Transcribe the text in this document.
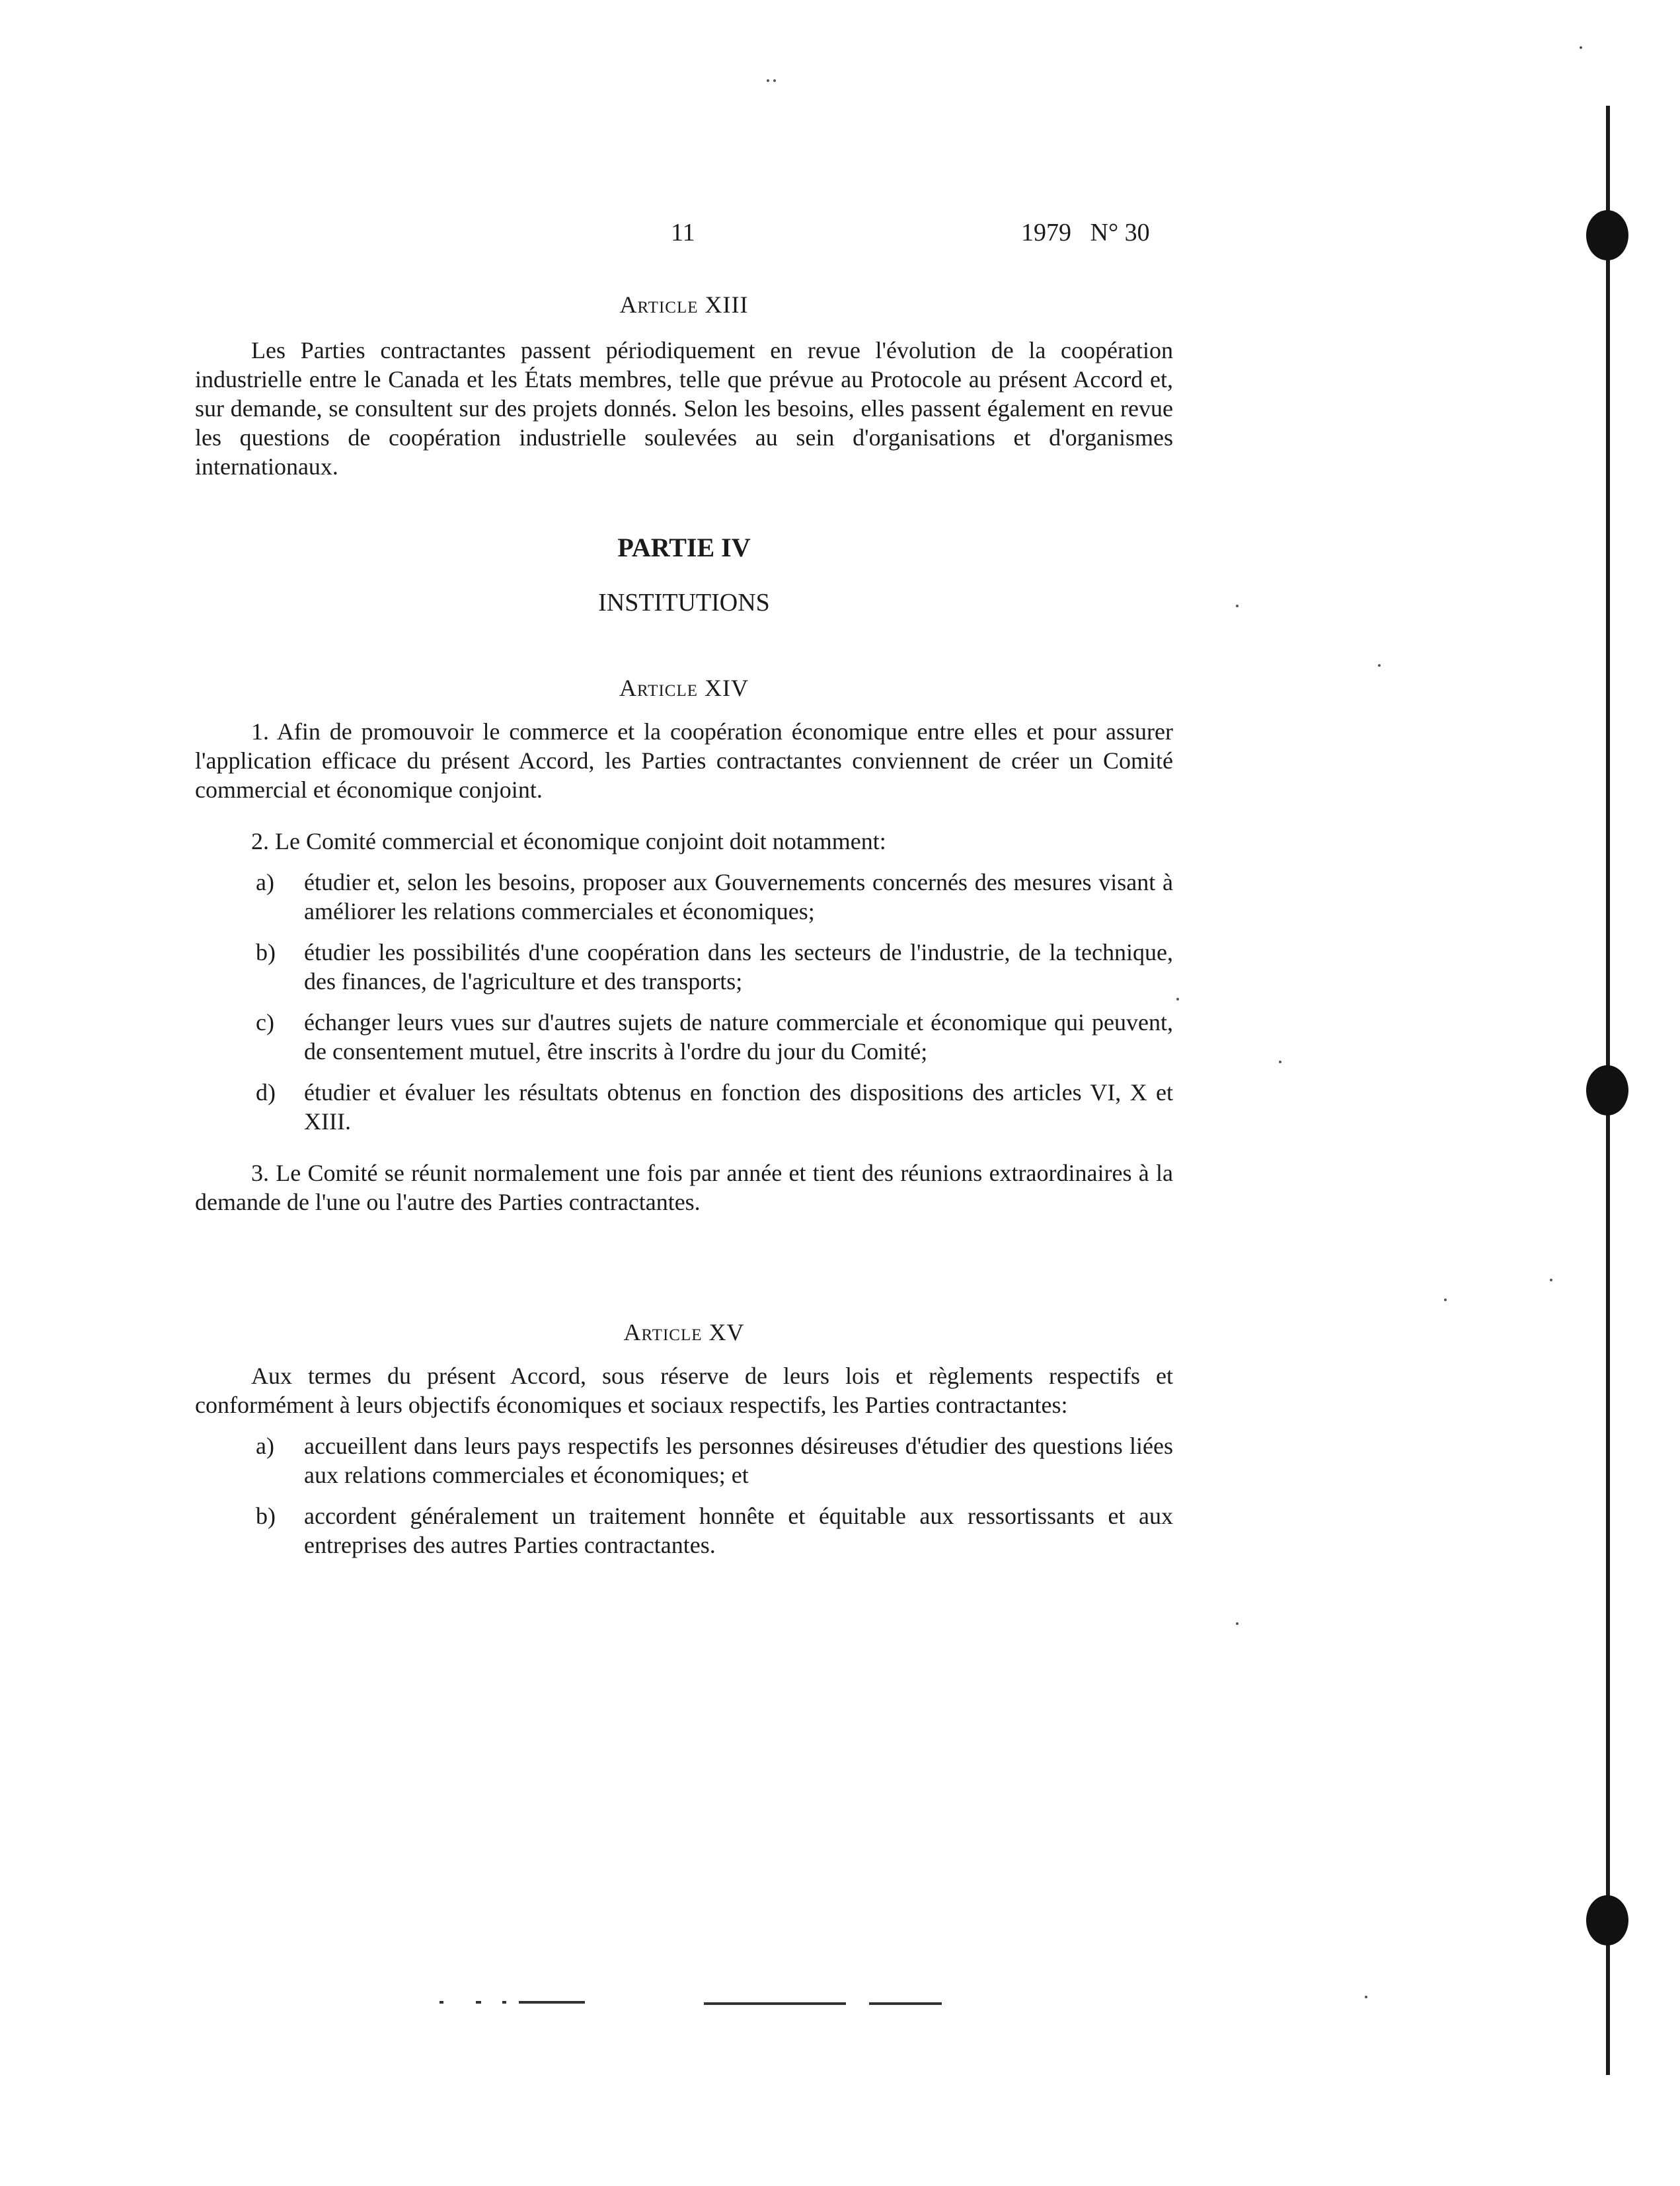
11	1979   N° 30
Article XIII

Les Parties contractantes passent périodiquement en revue l'évolution de la coopération industrielle entre le Canada et les États membres, telle que prévue au Protocole au présent Accord et, sur demande, se consultent sur des projets donnés. Selon les besoins, elles passent également en revue les questions de coopération industrielle soulevées au sein d'organisations et d'organismes internationaux.

PARTIE IV
INSTITUTIONS
Article XIV

1. Afin de promouvoir le commerce et la coopération économique entre elles et pour assurer l'application efficace du présent Accord, les Parties contractantes conviennent de créer un Comité commercial et économique conjoint.

2. Le Comité commercial et économique conjoint doit notamment:

a) étudier et, selon les besoins, proposer aux Gouvernements concernés des mesures visant à améliorer les relations commerciales et économiques;
b) étudier les possibilités d'une coopération dans les secteurs de l'industrie, de la technique, des finances, de l'agriculture et des transports;
c) échanger leurs vues sur d'autres sujets de nature commerciale et économique qui peuvent, de consentement mutuel, être inscrits à l'ordre du jour du Comité;
d) étudier et évaluer les résultats obtenus en fonction des dispositions des articles VI, X et XIII.

3. Le Comité se réunit normalement une fois par année et tient des réunions extraordinaires à la demande de l'une ou l'autre des Parties contractantes.

Article XV

Aux termes du présent Accord, sous réserve de leurs lois et règlements respectifs et conformément à leurs objectifs économiques et sociaux respectifs, les Parties contractantes:

a) accueillent dans leurs pays respectifs les personnes désireuses d'étudier des questions liées aux relations commerciales et économiques; et
b) accordent généralement un traitement honnête et équitable aux ressortissants et aux entreprises des autres Parties contractantes.
